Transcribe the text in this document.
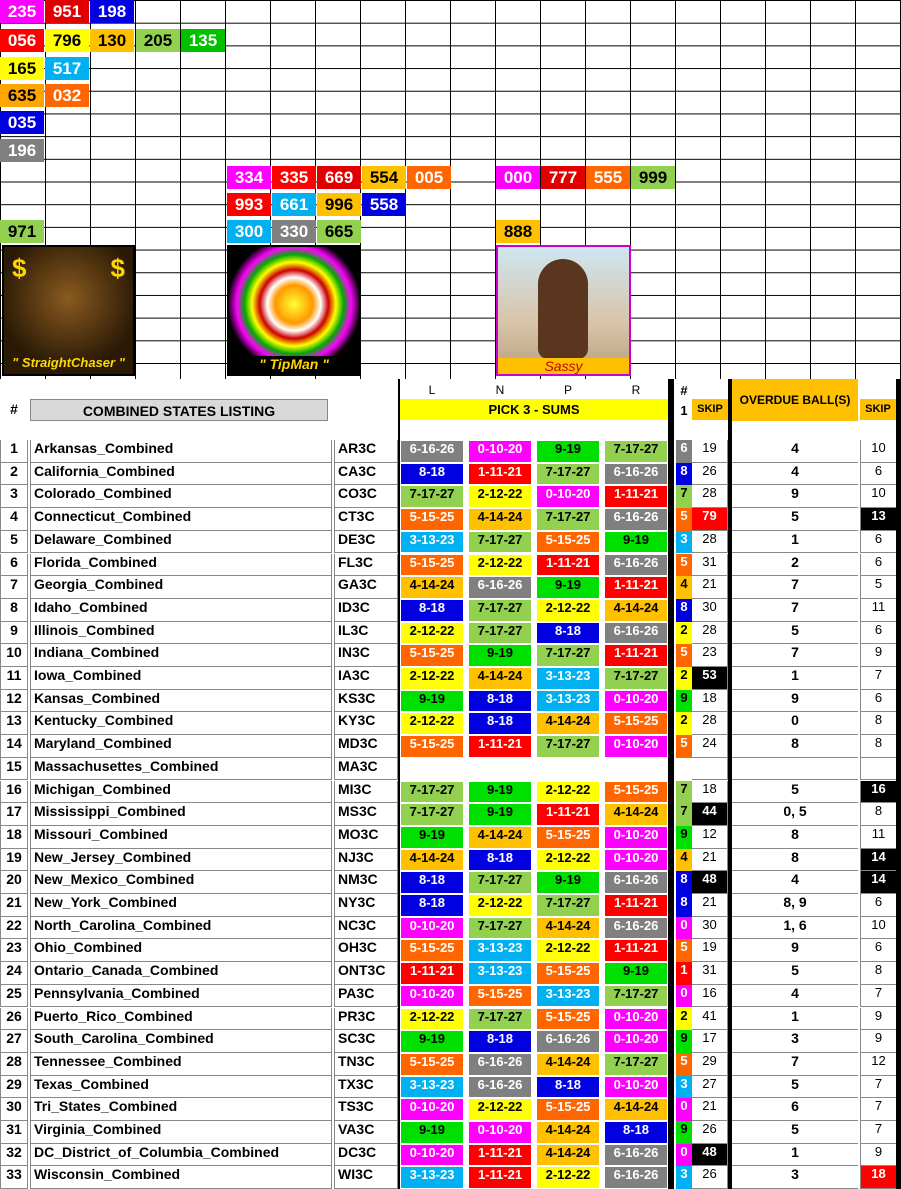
235 951 198
056 796 130	205 135
165 517
635 032
035
196
334 335 669 554 005	000 777 555 999
993 661 996 558
971	300 330 665	888
$	$
" StraightChaser "	" TipMan "	Sassy
#	COMBINED STATES LISTING
L	N	P	R
PICK 3 - SUMS
#
1 SKIP
OVERDUE BALL(S)
SKIP
1	Arkansas_Combined	AR3C	6-16-26	0-10-20	9-19	7-17-27	6	19	4	10
2	California_Combined	CA3C	8-18	1-11-21	7-17-27	6-16-26	8	26	4	6
3	Colorado_Combined	CO3C	7-17-27	2-12-22	0-10-20	1-11-21	7	28	9	10
4	Connecticut_Combined	CT3C	5-15-25	4-14-24	7-17-27	6-16-26	5	79	5	13
5	Delaware_Combined	DE3C	3-13-23	7-17-27	5-15-25	9-19	3	28	1	6
6	Florida_Combined	FL3C	5-15-25	2-12-22	1-11-21	6-16-26	5	31	2	6
7	Georgia_Combined	GA3C	4-14-24	6-16-26	9-19	1-11-21	4	21	7	5
8	Idaho_Combined	ID3C	8-18	7-17-27	2-12-22	4-14-24	8	30	7	11
9	Illinois_Combined	IL3C	2-12-22	7-17-27	8-18	6-16-26	2	28	5	6
10 Indiana_Combined	IN3C	5-15-25	9-19	7-17-27	1-11-21	5	23	7	9
11 Iowa_Combined	IA3C	2-12-22	4-14-24	3-13-23	7-17-27	2	53	1	7
12 Kansas_Combined	KS3C	9-19	8-18	3-13-23	0-10-20	9	18	9	6
13 Kentucky_Combined	KY3C	2-12-22	8-18	4-14-24	5-15-25	2	28	0	8
14 Maryland_Combined	MD3C	5-15-25	1-11-21	7-17-27	0-10-20	5	24	8	8
15 Massachusettes_Combined	MA3C
16 Michigan_Combined	MI3C	7-17-27	9-19	2-12-22	5-15-25	7	18	5	16
17 Mississippi_Combined	MS3C	7-17-27	9-19	1-11-21	4-14-24	7	44	0, 5	8
18 Missouri_Combined	MO3C	9-19	4-14-24	5-15-25	0-10-20	9	12	8	11
19 New_Jersey_Combined	NJ3C	4-14-24	8-18	2-12-22	0-10-20	4	21	8	14
20 New_Mexico_Combined	NM3C	8-18	7-17-27	9-19	6-16-26	8	48	4	14
21 New_York_Combined	NY3C	8-18	2-12-22	7-17-27	1-11-21	8	21	8, 9	6
22 North_Carolina_Combined	NC3C	0-10-20	7-17-27	4-14-24	6-16-26	0	30	1, 6	10
23 Ohio_Combined	OH3C	5-15-25	3-13-23	2-12-22	1-11-21	5	19	9	6
24 Ontario_Canada_Combined	ONT3C	1-11-21	3-13-23	5-15-25	9-19	1	31	5	8
25 Pennsylvania_Combined	PA3C	0-10-20	5-15-25	3-13-23	7-17-27	0	16	4	7
26 Puerto_Rico_Combined	PR3C	2-12-22	7-17-27	5-15-25	0-10-20	2	41	1	9
27 South_Carolina_Combined	SC3C	9-19	8-18	6-16-26	0-10-20	9	17	3	9
28 Tennessee_Combined	TN3C	5-15-25	6-16-26	4-14-24	7-17-27	5	29	7	12
29 Texas_Combined	TX3C	3-13-23	6-16-26	8-18	0-10-20	3	27	5	7
30 Tri_States_Combined	TS3C	0-10-20	2-12-22	5-15-25	4-14-24	0	21	6	7
31 Virginia_Combined	VA3C	9-19	0-10-20	4-14-24	8-18	9	26	5	7
32 DC_District_of_Columbia_Combined	DC3C	0-10-20	1-11-21	4-14-24	6-16-26	0	48	1	9
33 Wisconsin_Combined	WI3C	3-13-23	1-11-21	2-12-22	6-16-26	3	26	3	18
